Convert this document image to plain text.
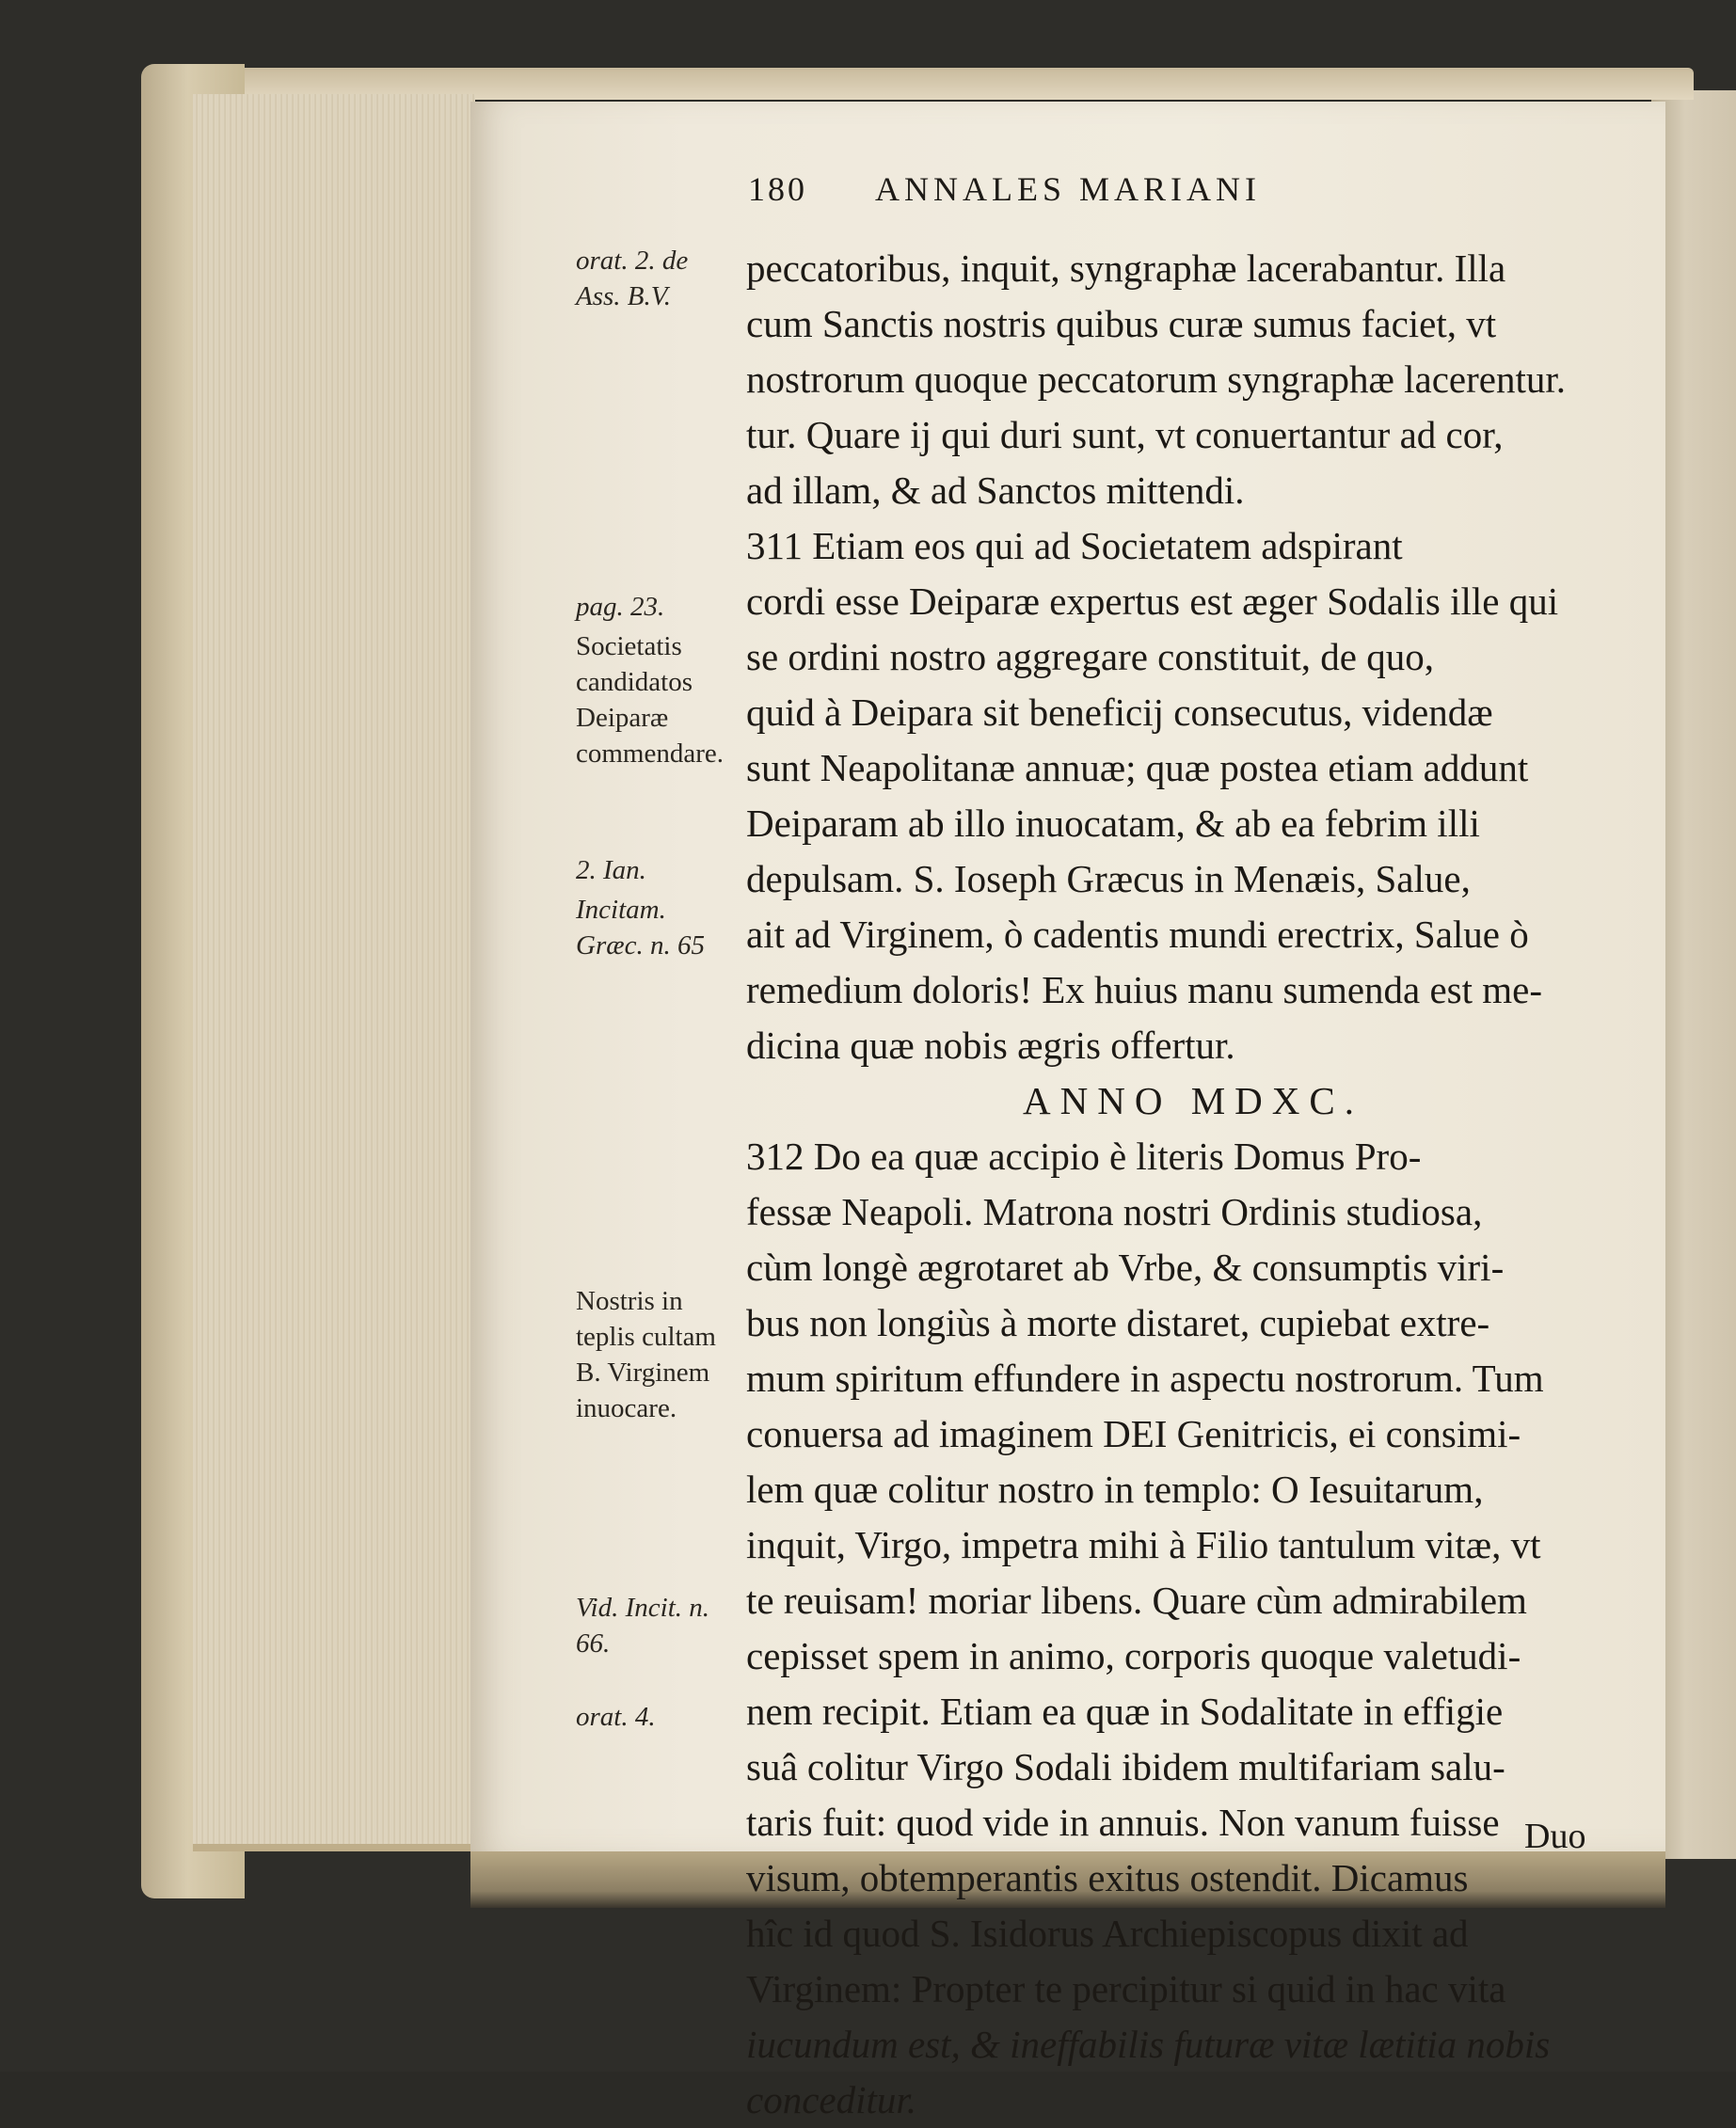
180 ANNALES MARIANI
peccatoribus, inquit, syngraphæ lacerabantur. Illa
cum Sanctis nostris quibus curæ sumus faciet, vt
nostrorum quoque peccatorum syngraphæ lacerentur.
tur. Quare ij qui duri sunt, vt conuertantur ad cor,
ad illam, & ad Sanctos mittendi.
311 Etiam eos qui ad Societatem adspirant
cordi esse Deiparæ expertus est æger Sodalis ille qui
se ordini nostro aggregare constituit, de quo,
quid à Deipara sit beneficij consecutus, videndæ
sunt Neapolitanæ annuæ; quæ postea etiam addunt
Deiparam ab illo inuocatam, & ab ea febrim illi
depulsam. S. Ioseph Græcus in Menæis, Salue,
ait ad Virginem, ò cadentis mundi erectrix, Salue ò
remedium doloris! Ex huius manu sumenda est me-
dicina quæ nobis ægris offertur.
ANNO MDXC.
312 Do ea quæ accipio è literis Domus Pro-
fessæ Neapoli. Matrona nostri Ordinis studiosa,
cùm longè ægrotaret ab Vrbe, & consumptis viri-
bus non longiùs à morte distaret, cupiebat extre-
mum spiritum effundere in aspectu nostrorum. Tum
conuersa ad imaginem DEI Genitricis, ei consimi-
lem quæ colitur nostro in templo: O Iesuitarum,
inquit, Virgo, impetra mihi à Filio tantulum vitæ, vt
te reuisam! moriar libens. Quare cùm admirabilem
cepisset spem in animo, corporis quoque valetudi-
nem recipit. Etiam ea quæ in Sodalitate in effigie
suâ colitur Virgo Sodali ibidem multifariam salu-
taris fuit: quod vide in annuis. Non vanum fuisse
visum, obtemperantis exitus ostendit. Dicamus
hîc id quod S. Isidorus Archiepiscopus dixit ad
Virginem: Propter te percipitur si quid in hac vita
iucundum est, & ineffabilis futuræ vitæ lætitia nobis
conceditur.
orat. 2. de Ass. B.V.
pag. 23.
Societatis candidatos Deiparæ commendare.
2. Ian.
Incitam. Græc. n. 65
Nostris in teplis cultam B. Virginem inuocare.
Vid. Incit. n. 66.
orat. 4.
Duo
